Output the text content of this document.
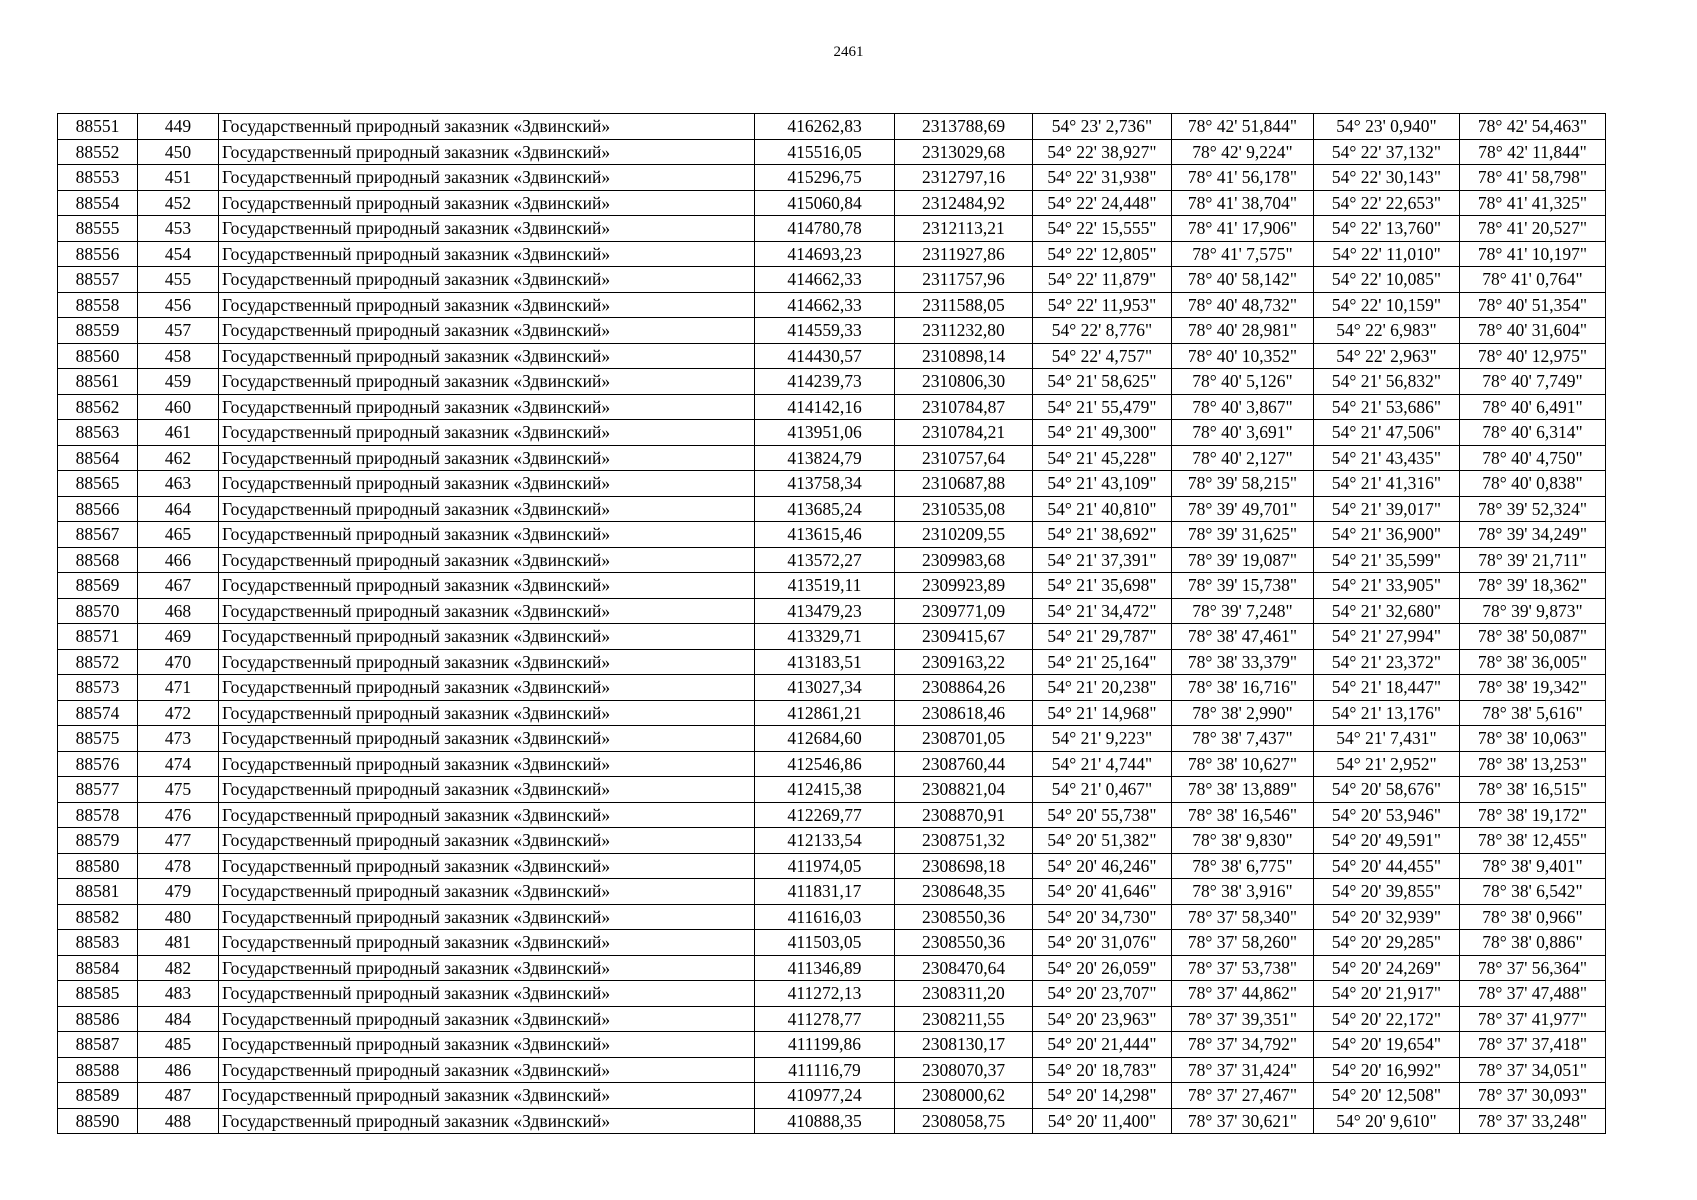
2461
88551	449	Государственный природный заказник «Здвинский»	416262,83	2313788,69	54° 23' 2,736"	78° 42' 51,844"	54° 23' 0,940"	78° 42' 54,463"
88552	450	Государственный природный заказник «Здвинский»	415516,05	2313029,68	54° 22' 38,927"	78° 42' 9,224"	54° 22' 37,132"	78° 42' 11,844"
88553	451	Государственный природный заказник «Здвинский»	415296,75	2312797,16	54° 22' 31,938"	78° 41' 56,178"	54° 22' 30,143"	78° 41' 58,798"
88554	452	Государственный природный заказник «Здвинский»	415060,84	2312484,92	54° 22' 24,448"	78° 41' 38,704"	54° 22' 22,653"	78° 41' 41,325"
88555	453	Государственный природный заказник «Здвинский»	414780,78	2312113,21	54° 22' 15,555"	78° 41' 17,906"	54° 22' 13,760"	78° 41' 20,527"
88556	454	Государственный природный заказник «Здвинский»	414693,23	2311927,86	54° 22' 12,805"	78° 41' 7,575"	54° 22' 11,010"	78° 41' 10,197"
88557	455	Государственный природный заказник «Здвинский»	414662,33	2311757,96	54° 22' 11,879"	78° 40' 58,142"	54° 22' 10,085"	78° 41' 0,764"
88558	456	Государственный природный заказник «Здвинский»	414662,33	2311588,05	54° 22' 11,953"	78° 40' 48,732"	54° 22' 10,159"	78° 40' 51,354"
88559	457	Государственный природный заказник «Здвинский»	414559,33	2311232,80	54° 22' 8,776"	78° 40' 28,981"	54° 22' 6,983"	78° 40' 31,604"
88560	458	Государственный природный заказник «Здвинский»	414430,57	2310898,14	54° 22' 4,757"	78° 40' 10,352"	54° 22' 2,963"	78° 40' 12,975"
88561	459	Государственный природный заказник «Здвинский»	414239,73	2310806,30	54° 21' 58,625"	78° 40' 5,126"	54° 21' 56,832"	78° 40' 7,749"
88562	460	Государственный природный заказник «Здвинский»	414142,16	2310784,87	54° 21' 55,479"	78° 40' 3,867"	54° 21' 53,686"	78° 40' 6,491"
88563	461	Государственный природный заказник «Здвинский»	413951,06	2310784,21	54° 21' 49,300"	78° 40' 3,691"	54° 21' 47,506"	78° 40' 6,314"
88564	462	Государственный природный заказник «Здвинский»	413824,79	2310757,64	54° 21' 45,228"	78° 40' 2,127"	54° 21' 43,435"	78° 40' 4,750"
88565	463	Государственный природный заказник «Здвинский»	413758,34	2310687,88	54° 21' 43,109"	78° 39' 58,215"	54° 21' 41,316"	78° 40' 0,838"
88566	464	Государственный природный заказник «Здвинский»	413685,24	2310535,08	54° 21' 40,810"	78° 39' 49,701"	54° 21' 39,017"	78° 39' 52,324"
88567	465	Государственный природный заказник «Здвинский»	413615,46	2310209,55	54° 21' 38,692"	78° 39' 31,625"	54° 21' 36,900"	78° 39' 34,249"
88568	466	Государственный природный заказник «Здвинский»	413572,27	2309983,68	54° 21' 37,391"	78° 39' 19,087"	54° 21' 35,599"	78° 39' 21,711"
88569	467	Государственный природный заказник «Здвинский»	413519,11	2309923,89	54° 21' 35,698"	78° 39' 15,738"	54° 21' 33,905"	78° 39' 18,362"
88570	468	Государственный природный заказник «Здвинский»	413479,23	2309771,09	54° 21' 34,472"	78° 39' 7,248"	54° 21' 32,680"	78° 39' 9,873"
88571	469	Государственный природный заказник «Здвинский»	413329,71	2309415,67	54° 21' 29,787"	78° 38' 47,461"	54° 21' 27,994"	78° 38' 50,087"
88572	470	Государственный природный заказник «Здвинский»	413183,51	2309163,22	54° 21' 25,164"	78° 38' 33,379"	54° 21' 23,372"	78° 38' 36,005"
88573	471	Государственный природный заказник «Здвинский»	413027,34	2308864,26	54° 21' 20,238"	78° 38' 16,716"	54° 21' 18,447"	78° 38' 19,342"
88574	472	Государственный природный заказник «Здвинский»	412861,21	2308618,46	54° 21' 14,968"	78° 38' 2,990"	54° 21' 13,176"	78° 38' 5,616"
88575	473	Государственный природный заказник «Здвинский»	412684,60	2308701,05	54° 21' 9,223"	78° 38' 7,437"	54° 21' 7,431"	78° 38' 10,063"
88576	474	Государственный природный заказник «Здвинский»	412546,86	2308760,44	54° 21' 4,744"	78° 38' 10,627"	54° 21' 2,952"	78° 38' 13,253"
88577	475	Государственный природный заказник «Здвинский»	412415,38	2308821,04	54° 21' 0,467"	78° 38' 13,889"	54° 20' 58,676"	78° 38' 16,515"
88578	476	Государственный природный заказник «Здвинский»	412269,77	2308870,91	54° 20' 55,738"	78° 38' 16,546"	54° 20' 53,946"	78° 38' 19,172"
88579	477	Государственный природный заказник «Здвинский»	412133,54	2308751,32	54° 20' 51,382"	78° 38' 9,830"	54° 20' 49,591"	78° 38' 12,455"
88580	478	Государственный природный заказник «Здвинский»	411974,05	2308698,18	54° 20' 46,246"	78° 38' 6,775"	54° 20' 44,455"	78° 38' 9,401"
88581	479	Государственный природный заказник «Здвинский»	411831,17	2308648,35	54° 20' 41,646"	78° 38' 3,916"	54° 20' 39,855"	78° 38' 6,542"
88582	480	Государственный природный заказник «Здвинский»	411616,03	2308550,36	54° 20' 34,730"	78° 37' 58,340"	54° 20' 32,939"	78° 38' 0,966"
88583	481	Государственный природный заказник «Здвинский»	411503,05	2308550,36	54° 20' 31,076"	78° 37' 58,260"	54° 20' 29,285"	78° 38' 0,886"
88584	482	Государственный природный заказник «Здвинский»	411346,89	2308470,64	54° 20' 26,059"	78° 37' 53,738"	54° 20' 24,269"	78° 37' 56,364"
88585	483	Государственный природный заказник «Здвинский»	411272,13	2308311,20	54° 20' 23,707"	78° 37' 44,862"	54° 20' 21,917"	78° 37' 47,488"
88586	484	Государственный природный заказник «Здвинский»	411278,77	2308211,55	54° 20' 23,963"	78° 37' 39,351"	54° 20' 22,172"	78° 37' 41,977"
88587	485	Государственный природный заказник «Здвинский»	411199,86	2308130,17	54° 20' 21,444"	78° 37' 34,792"	54° 20' 19,654"	78° 37' 37,418"
88588	486	Государственный природный заказник «Здвинский»	411116,79	2308070,37	54° 20' 18,783"	78° 37' 31,424"	54° 20' 16,992"	78° 37' 34,051"
88589	487	Государственный природный заказник «Здвинский»	410977,24	2308000,62	54° 20' 14,298"	78° 37' 27,467"	54° 20' 12,508"	78° 37' 30,093"
88590	488	Государственный природный заказник «Здвинский»	410888,35	2308058,75	54° 20' 11,400"	78° 37' 30,621"	54° 20' 9,610"	78° 37' 33,248"
